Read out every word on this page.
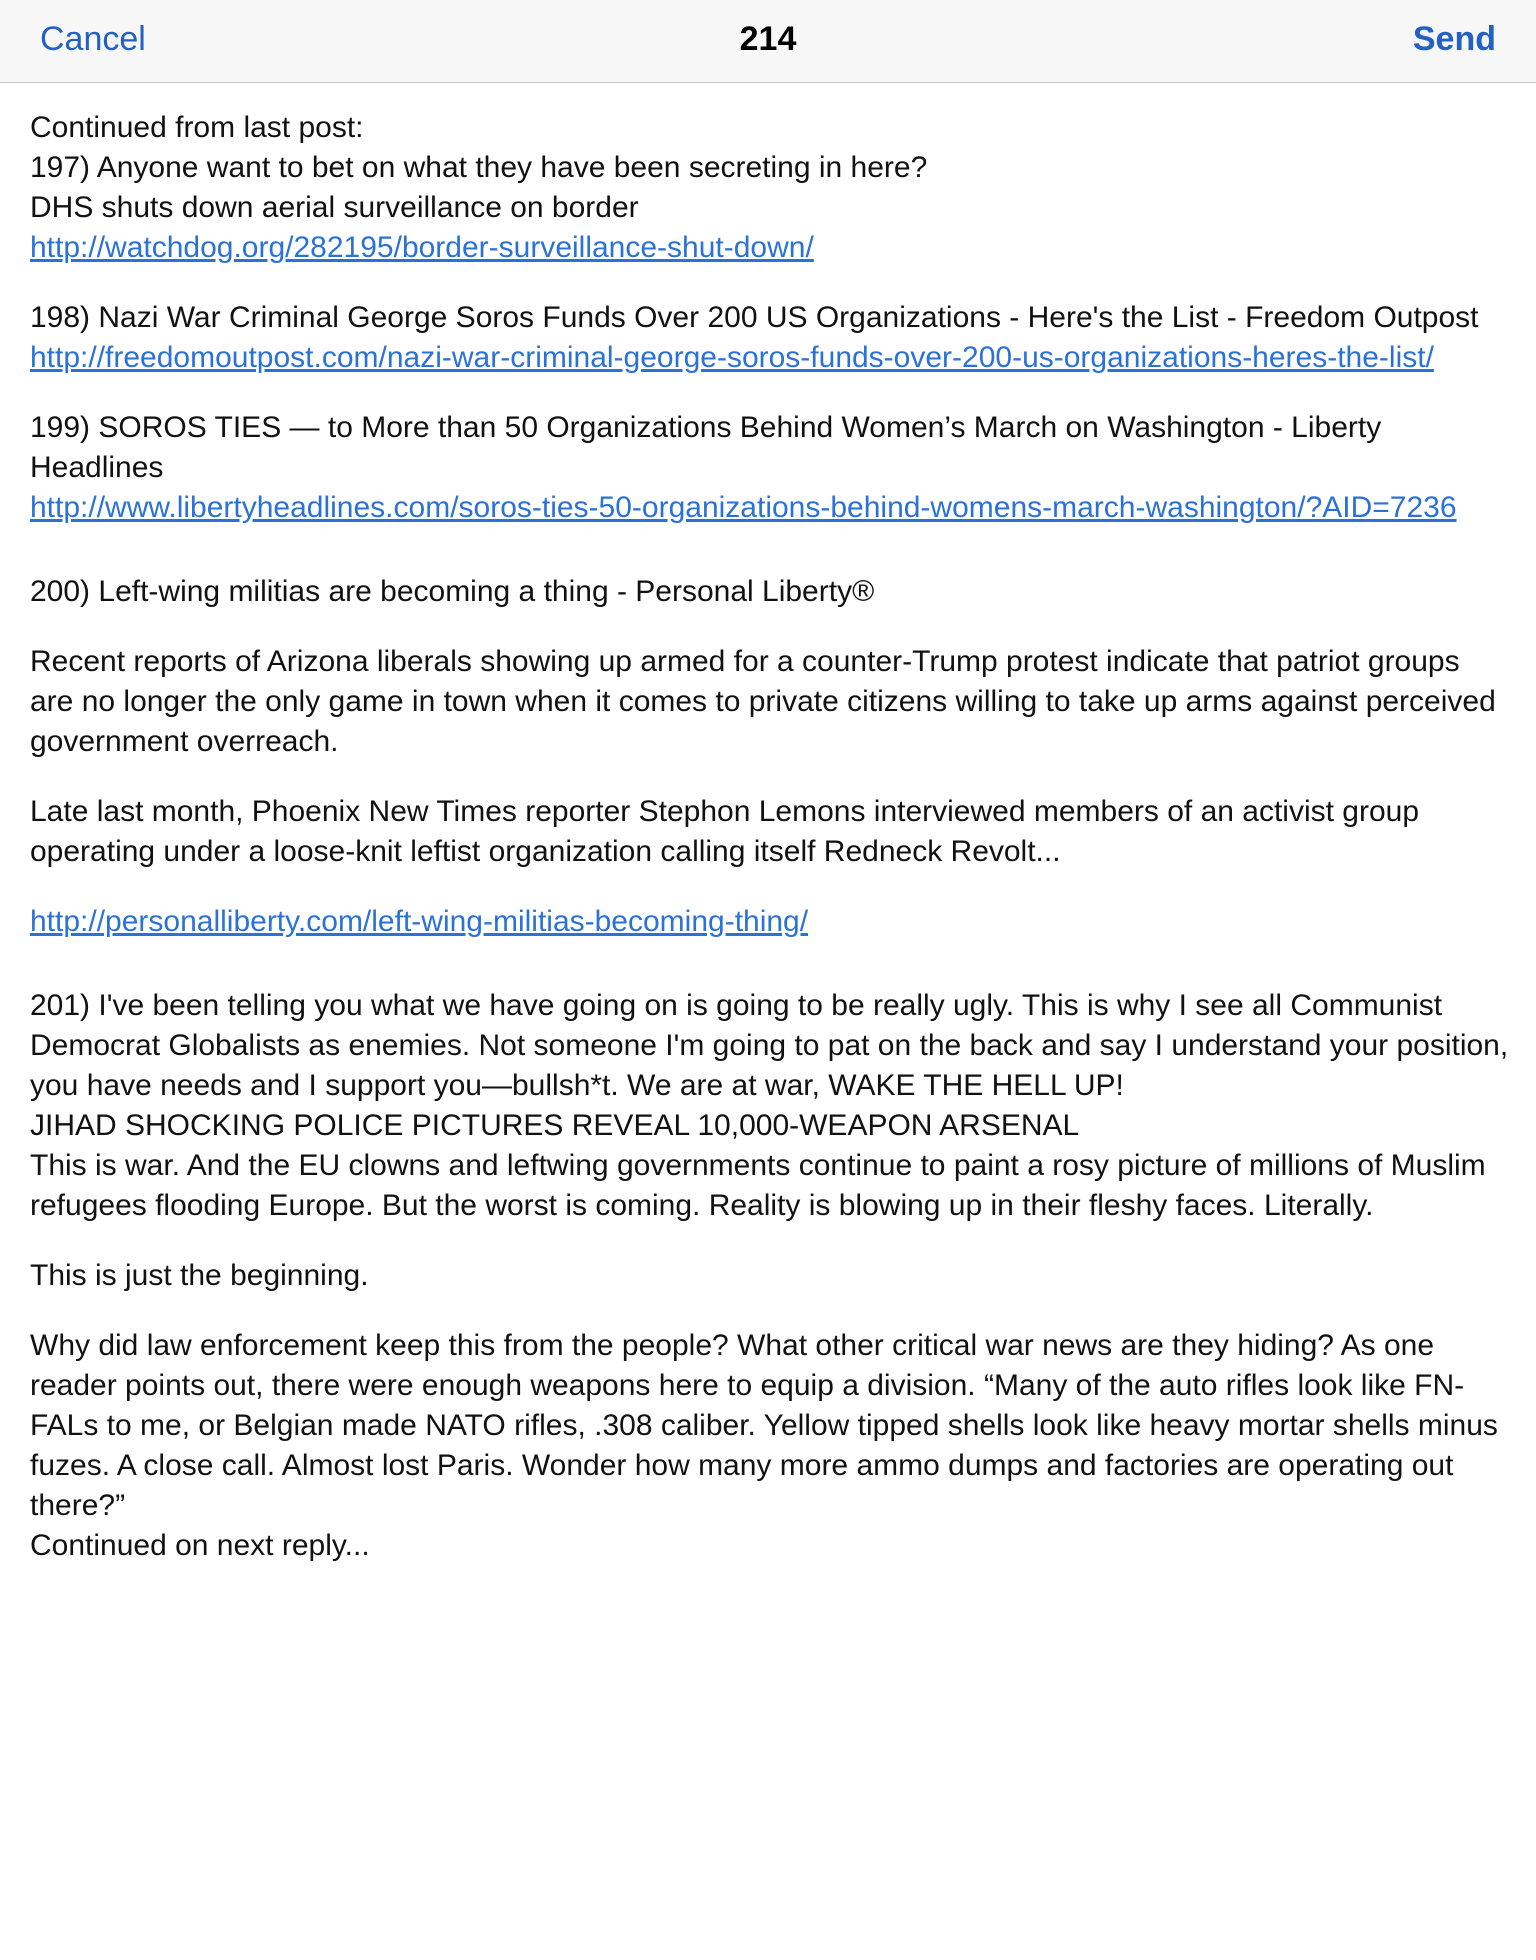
Cancel	214	Send
Continued from last post:
197) Anyone want to bet on what they have been secreting in here?
DHS shuts down aerial surveillance on border
http://watchdog.org/282195/border-surveillance-shut-down/
198) Nazi War Criminal George Soros Funds Over 200 US Organizations - Here's the List - Freedom Outpost
http://freedomoutpost.com/nazi-war-criminal-george-soros-funds-over-200-us-organizations-heres-the-list/
199) SOROS TIES — to More than 50 Organizations Behind Women’s March on Washington - Liberty Headlines
http://www.libertyheadlines.com/soros-ties-50-organizations-behind-womens-march-washington/?AID=7236
200) Left-wing militias are becoming a thing - Personal Liberty®
Recent reports of Arizona liberals showing up armed for a counter-Trump protest indicate that patriot groups are no longer the only game in town when it comes to private citizens willing to take up arms against perceived government overreach.
Late last month, Phoenix New Times reporter Stephon Lemons interviewed members of an activist group operating under a loose-knit leftist organization calling itself Redneck Revolt...
http://personalliberty.com/left-wing-militias-becoming-thing/
201) I've been telling you what we have going on is going to be really ugly. This is why I see all Communist Democrat Globalists as enemies. Not someone I'm going to pat on the back and say I understand your position, you have needs and I support you—bullsh*t. We are at war, WAKE THE HELL UP!
JIHAD SHOCKING POLICE PICTURES REVEAL 10,000-WEAPON ARSENAL
This is war. And the EU clowns and leftwing governments continue to paint a rosy picture of millions of Muslim refugees flooding Europe. But the worst is coming. Reality is blowing up in their fleshy faces. Literally.
This is just the beginning.
Why did law enforcement keep this from the people? What other critical war news are they hiding? As one reader points out, there were enough weapons here to equip a division. “Many of the auto rifles look like FN-FALs to me, or Belgian made NATO rifles, .308 caliber. Yellow tipped shells look like heavy mortar shells minus fuzes. A close call. Almost lost Paris. Wonder how many more ammo dumps and factories are operating out there?”
Continued on next reply...
